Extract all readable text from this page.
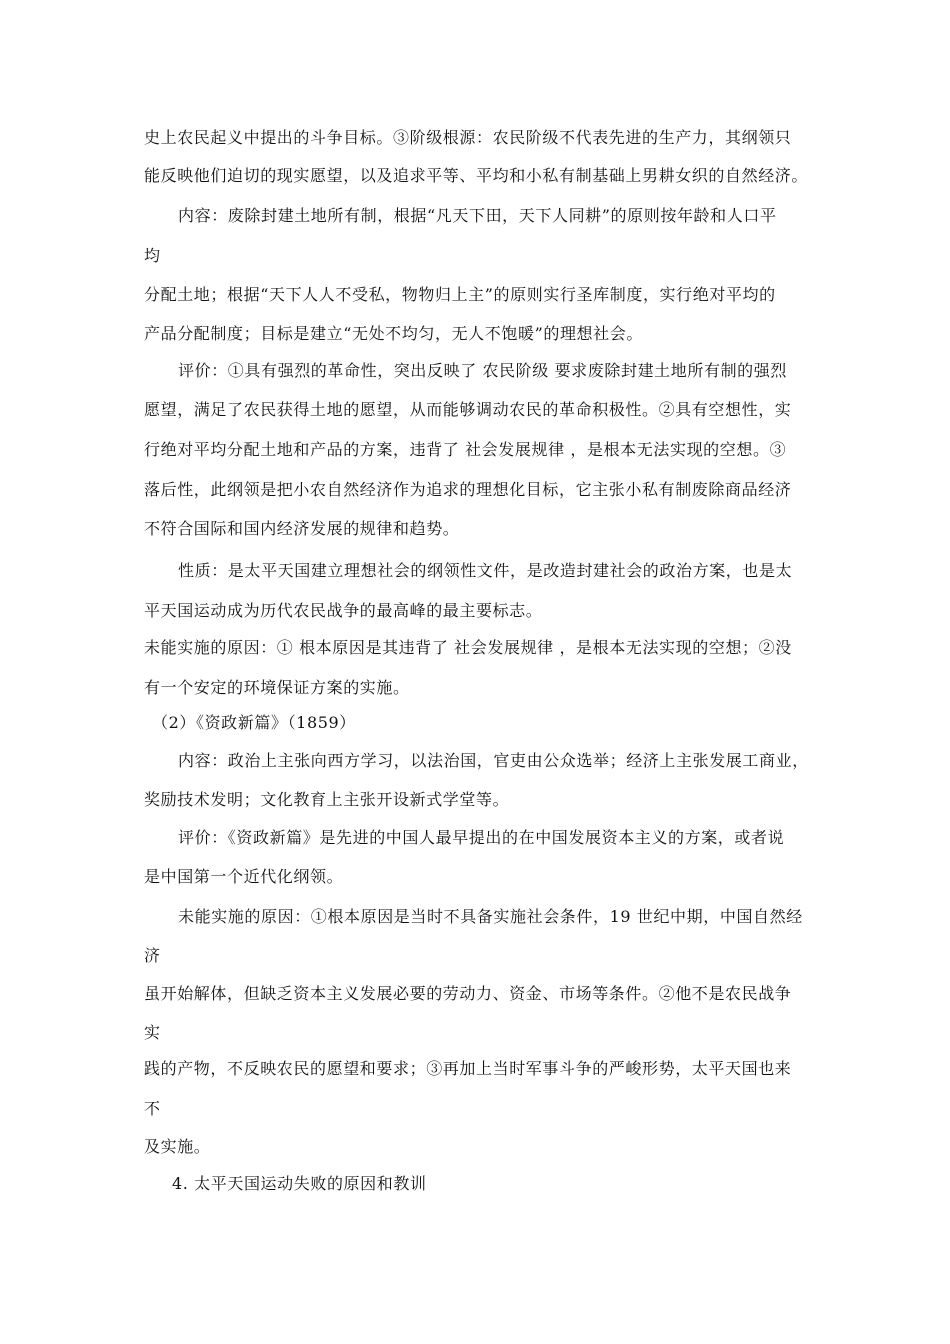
史上农民起义中提出的斗争目标。③阶级根源：农民阶级不代表先进的生产力，其纲领只
能反映他们迫切的现实愿望，以及追求平等、平均和小私有制基础上男耕女织的自然经济。
内容：废除封建土地所有制，根据“凡天下田，天下人同耕”的原则按年龄和人口平
均
分配土地；根据“天下人人不受私，物物归上主”的原则实行圣库制度，实行绝对平均的
产品分配制度；目标是建立“无处不均匀，无人不饱暖”的理想社会。
评价：①具有强烈的革命性，突出反映了 农民阶级 要求废除封建土地所有制的强烈
愿望，满足了农民获得土地的愿望，从而能够调动农民的革命积极性。②具有空想性，实
行绝对平均分配土地和产品的方案，违背了 社会发展规律 ，是根本无法实现的空想。③
落后性，此纲领是把小农自然经济作为追求的理想化目标，它主张小私有制废除商品经济
不符合国际和国内经济发展的规律和趋势。
性质：是太平天国建立理想社会的纲领性文件，是改造封建社会的政治方案，也是太
平天国运动成为历代农民战争的最高峰的最主要标志。
未能实施的原因：① 根本原因是其违背了 社会发展规律 ，是根本无法实现的空想；②没
有一个安定的环境保证方案的实施。
（2）《资政新篇》（1859）
内容：政治上主张向西方学习，以法治国，官吏由公众选举；经济上主张发展工商业，
奖励技术发明；文化教育上主张开设新式学堂等。
评价：《资政新篇》是先进的中国人最早提出的在中国发展资本主义的方案，或者说
是中国第一个近代化纲领。
未能实施的原因：①根本原因是当时不具备实施社会条件，19 世纪中期，中国自然经
济
虽开始解体，但缺乏资本主义发展必要的劳动力、资金、市场等条件。②他不是农民战争
实
践的产物，不反映农民的愿望和要求；③再加上当时军事斗争的严峻形势，太平天国也来
不
及实施。
4. 太平天国运动失败的原因和教训
